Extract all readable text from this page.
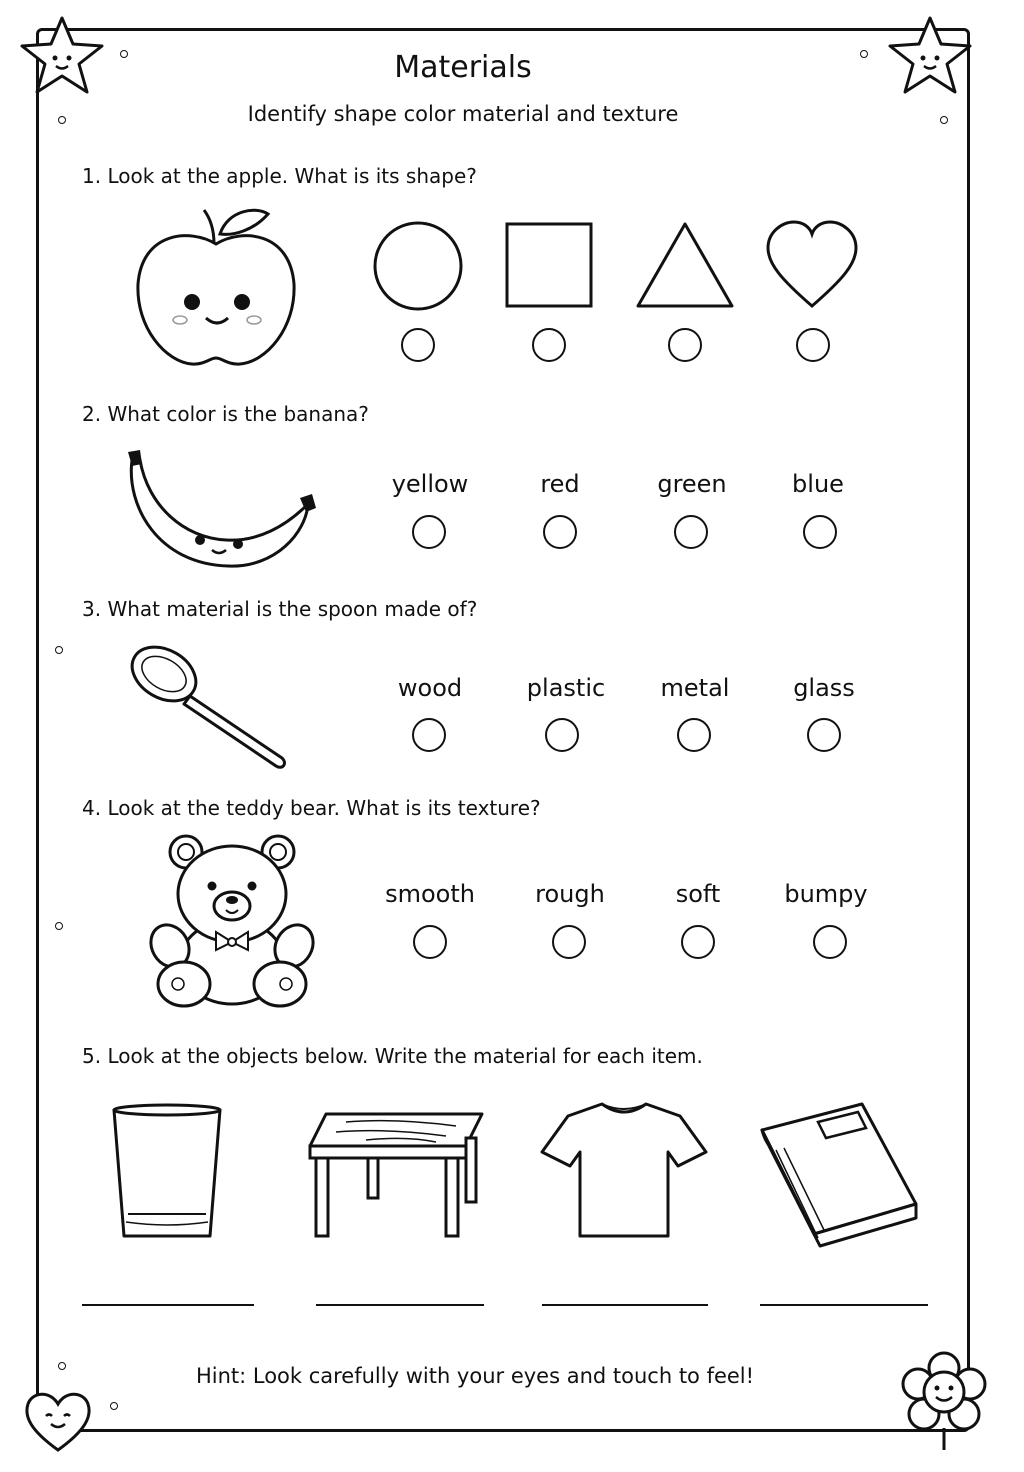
Materials
Identify shape color material and texture
1. Look at the apple. What is its shape?
2. What color is the banana?
yellow	red	green	blue
3. What material is the spoon made of?
wood	plastic	metal	glass
4. Look at the teddy bear. What is its texture?
smooth	rough	soft	bumpy
5. Look at the objects below. Write the material for each item.
Hint: Look carefully with your eyes and touch to feel!
